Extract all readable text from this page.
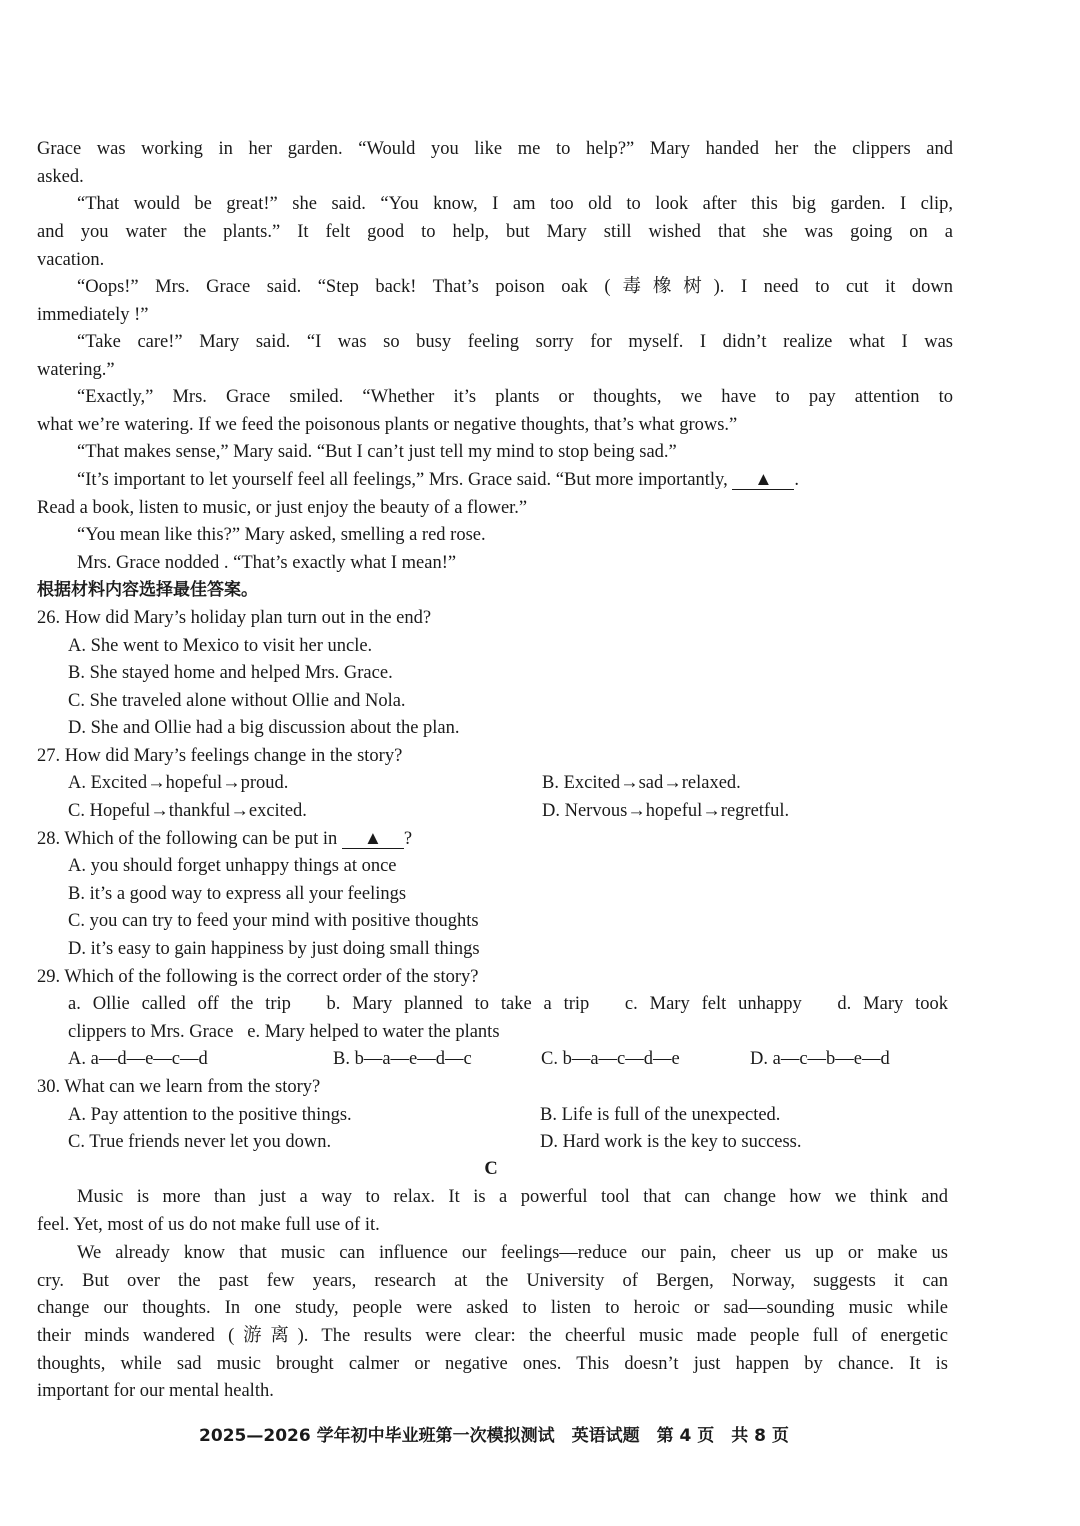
Grace was working in her garden. “Would you like me to help?” Mary handed her the clippers and
asked.
“That would be great!” she said. “You know, I am too old to look after this big garden. I clip,
and you water the plants.” It felt good to help, but Mary still wished that she was going on a
vacation.
“Oops!” Mrs. Grace said. “Step back! That’s poison oak (毒橡树). I need to cut it down
immediately !”
“Take care!” Mary said. “I was so busy feeling sorry for myself. I didn’t realize what I was
watering.”
“Exactly,” Mrs. Grace smiled. “Whether it’s plants or thoughts, we have to pay attention to
what we’re watering. If we feed the poisonous plants or negative thoughts, that’s what grows.”
“That makes sense,” Mary said. “But I can’t just tell my mind to stop being sad.”
“It’s important to let yourself feel all feelings,” Mrs. Grace said. “But more importantly, ▲ .
Read a book, listen to music, or just enjoy the beauty of a flower.”
“You mean like this?” Mary asked, smelling a red rose.
Mrs. Grace nodded . “That’s exactly what I mean!”
根据材料内容选择最佳答案。
26. How did Mary’s holiday plan turn out in the end?
A. She went to Mexico to visit her uncle.
B. She stayed home and helped Mrs. Grace.
C. She traveled alone without Ollie and Nola.
D. She and Ollie had a big discussion about the plan.
27. How did Mary’s feelings change in the story?
A. Excited→hopeful→proud.	B. Excited→sad→relaxed.
C. Hopeful→thankful→excited.	D. Nervous→hopeful→regretful.
28. Which of the following can be put in ▲ ?
A. you should forget unhappy things at once
B. it’s a good way to express all your feelings
C. you can try to feed your mind with positive thoughts
D. it’s easy to gain happiness by just doing small things
29. Which of the following is the correct order of the story?
a. Ollie called off the trip   b. Mary planned to take a trip   c. Mary felt unhappy   d. Mary took
clippers to Mrs. Grace   e. Mary helped to water the plants
A. a—d—e—c—d	B. b—a—e—d—c	C. b—a—c—d—e	D. a—c—b—e—d
30. What can we learn from the story?
A. Pay attention to the positive things.	B. Life is full of the unexpected.
C. True friends never let you down.	D. Hard work is the key to success.
C
Music is more than just a way to relax. It is a powerful tool that can change how we think and
feel. Yet, most of us do not make full use of it.
We already know that music can influence our feelings—reduce our pain, cheer us up or make us
cry. But over the past few years, research at the University of Bergen, Norway, suggests it can
change our thoughts. In one study, people were asked to listen to heroic or sad—sounding music while
their minds wandered (游离). The results were clear: the cheerful music made people full of energetic
thoughts, while sad music brought calmer or negative ones. This doesn’t just happen by chance. It is
important for our mental health.
2025—2026 学年初中毕业班第一次模拟测试　英语试题　第 4 页　共 8 页
